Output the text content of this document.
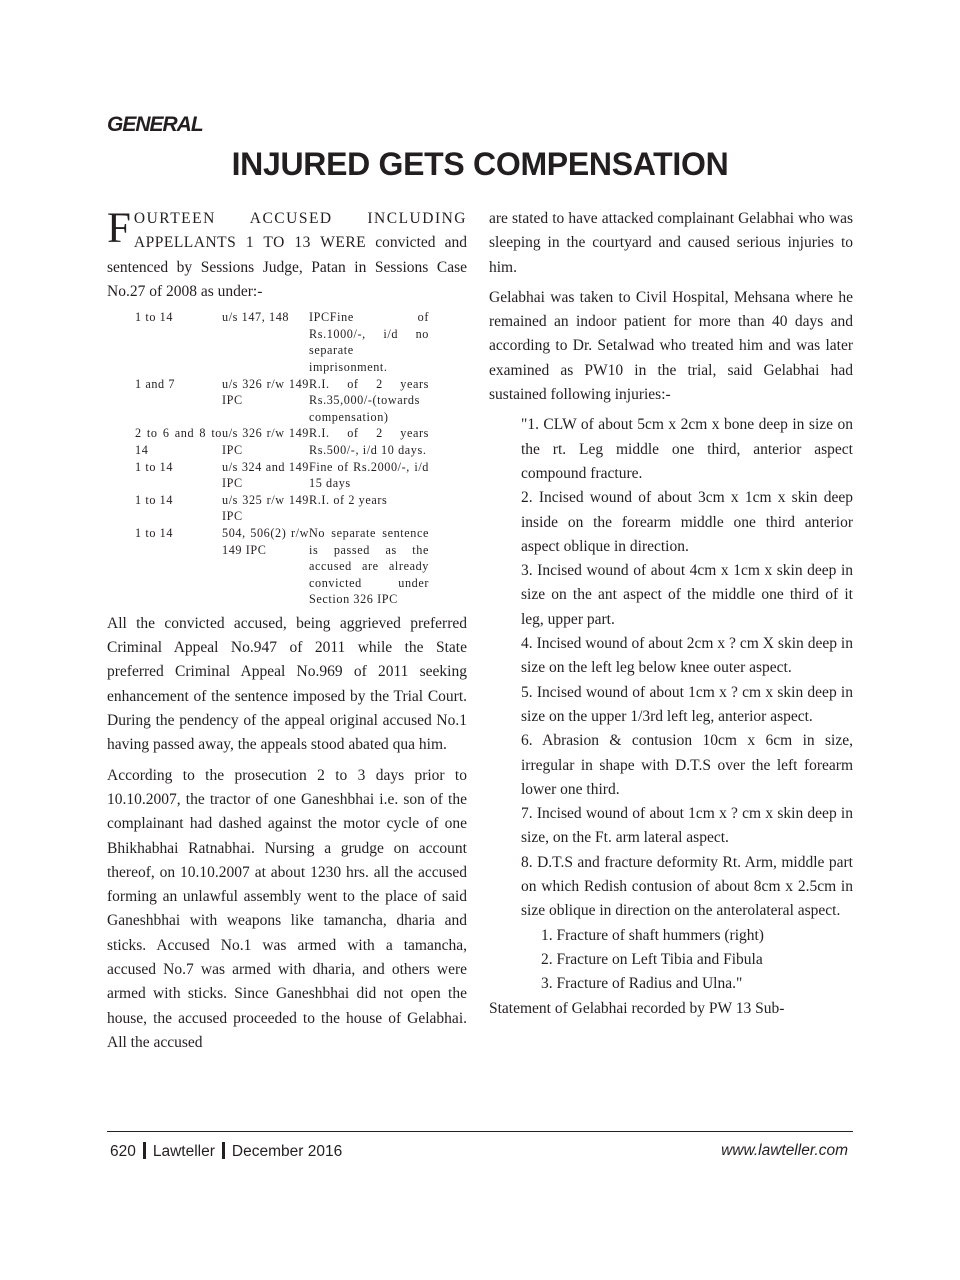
GENERAL
INJURED GETS COMPENSATION

F OURTEEN ACCUSED INCLUDING
APPELLANTS 1 TO 13 WERE convicted and sentenced by Sessions Judge, Patan in Sessions Case No.27 of 2008 as under:-

1 to 14	u/s 147, 148	IPCFine of Rs.1000/-, i/d no separate imprisonment.
1 and 7	u/s 326 r/w 149 IPC	R.I. of 2 years Rs.35,000/-(towards compensation)
2 to 6 and 8 to 14	u/s 326 r/w 149 IPC	R.I. of 2 years Rs.500/-, i/d 10 days.
1 to 14	u/s 324 and 149 IPC	Fine of Rs.2000/-, i/d 15 days
1 to 14	u/s 325 r/w 149 IPC	R.I. of 2 years
1 to 14	504, 506(2) r/w 149 IPC	No separate sentence is passed as the accused are already convicted under Section 326 IPC

All the convicted accused, being aggrieved preferred Criminal Appeal No.947 of 2011 while the State preferred Criminal Appeal No.969 of 2011 seeking enhancement of the sentence imposed by the Trial Court. During the pendency of the appeal original accused No.1 having passed away, the appeals stood abated qua him.

According to the prosecution 2 to 3 days prior to 10.10.2007, the tractor of one Ganeshbhai i.e. son of the complainant had dashed against the motor cycle of one Bhikhabhai Ratnabhai. Nursing a grudge on account thereof, on 10.10.2007 at about 1230 hrs. all the accused forming an unlawful assembly went to the place of said Ganeshbhai with weapons like tamancha, dharia and sticks. Accused No.1 was armed with a tamancha, accused No.7 was armed with dharia, and others were armed with sticks. Since Ganeshbhai did not open the house, the accused proceeded to the house of Gelabhai. All the accused

are stated to have attacked complainant Gelabhai who was sleeping in the courtyard and caused serious injuries to him.

Gelabhai was taken to Civil Hospital, Mehsana where he remained an indoor patient for more than 40 days and according to Dr. Setalwad who treated him and was later examined as PW10 in the trial, said Gelabhai had sustained following injuries:-

"1. CLW of about 5cm x 2cm x bone deep in size on the rt. Leg middle one third, anterior aspect compound fracture.

2. Incised wound of about 3cm x 1cm x skin deep inside on the forearm middle one third anterior aspect oblique in direction.

3. Incised wound of about 4cm x 1cm x skin deep in size on the ant aspect of the middle one third of it leg, upper part.

4. Incised wound of about 2cm x ? cm X skin deep in size on the left leg below knee outer aspect.

5. Incised wound of about 1cm x ? cm x skin deep in size on the upper 1/3rd left leg, anterior aspect.

6. Abrasion & contusion 10cm x 6cm in size, irregular in shape with D.T.S over the left forearm lower one third.

7. Incised wound of about 1cm x ? cm x skin deep in size, on the Ft. arm lateral aspect.

8. D.T.S and fracture deformity Rt. Arm, middle part on which Redish contusion of about 8cm x 2.5cm in size oblique in direction on the anterolateral aspect.

1. Fracture of shaft hummers (right)

2. Fracture on Left Tibia and Fibula

3. Fracture of Radius and Ulna."

Statement of Gelabhai recorded by PW 13 Sub-

620 Lawteller December 2016	www.lawteller.com
